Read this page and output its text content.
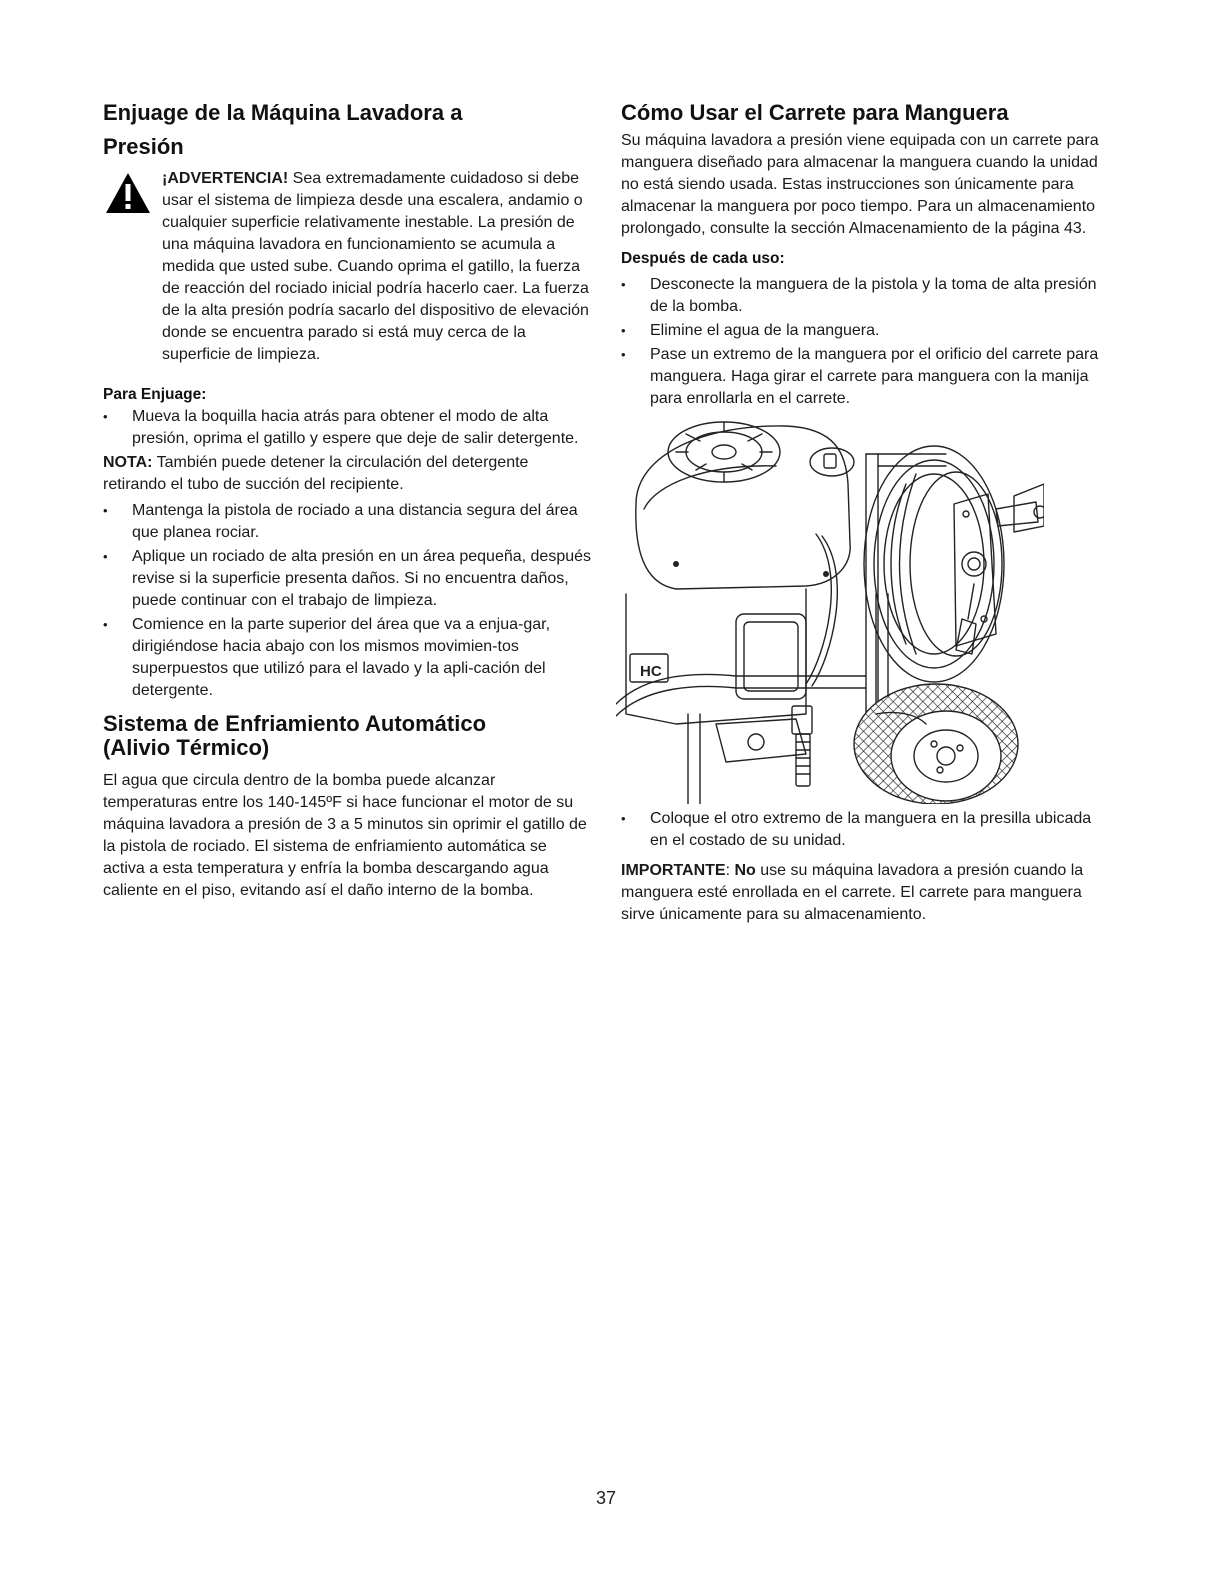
Enjuage de la Máquina Lavadora a
Presión

¡ADVERTENCIA! Sea extremadamente cuidadoso si debe usar el sistema de limpieza desde una escalera, andamio o cualquier superficie relativamente inestable. La presión de una máquina lavadora en funcionamiento se acumula a medida que usted sube. Cuando oprima el gatillo, la fuerza de reacción del rociado inicial podría hacerlo caer. La fuerza de la alta presión podría sacarlo del dispositivo de elevación donde se encuentra parado si está muy cerca de la superficie de limpieza.

Para Enjuage:
• Mueva la boquilla hacia atrás para obtener el modo de alta presión, oprima el gatillo y espere que deje de salir detergente.

NOTA: También puede detener la circulación del detergente retirando el tubo de succión del recipiente.

• Mantenga la pistola de rociado a una distancia segura del área que planea rociar.
• Aplique un rociado de alta presión en un área pequeña, después revise si la superficie presenta daños. Si no encuentra daños, puede continuar con el trabajo de limpieza.
• Comience en la parte superior del área que va a enjua-gar, dirigiéndose hacia abajo con los mismos movimien-tos superpuestos que utilizó para el lavado y la apli-cación del detergente.
Sistema de Enfriamiento Automático
(Alivio Térmico)

El agua que circula dentro de la bomba puede alcanzar temperaturas entre los 140-145ºF si hace funcionar el motor de su máquina lavadora a presión de 3 a 5 minutos sin oprimir el gatillo de la pistola de rociado. El sistema de enfriamiento automática se activa a esta temperatura y enfría la bomba descargando agua caliente en el piso, evitando así el daño interno de la bomba.

Cómo Usar el Carrete para Manguera

Su máquina lavadora a presión viene equipada con un carrete para manguera diseñado para almacenar la manguera cuando la unidad no está siendo usada. Estas instrucciones son únicamente para almacenar la manguera por poco tiempo. Para un almacenamiento prolongado, consulte la sección Almacenamiento de la página 43.

Después de cada uso:
• Desconecte la manguera de la pistola y la toma de alta presión de la bomba.
• Elimine el agua de la manguera.
• Pase un extremo de la manguera por el orificio del carrete para manguera. Haga girar el carrete para manguera con la manija para enrollarla en el carrete.
HC
• Coloque el otro extremo de la manguera en la presilla ubicada en el costado de su unidad.

IMPORTANTE: No use su máquina lavadora a presión cuando la manguera esté enrollada en el carrete. El carrete para manguera sirve únicamente para su almacenamiento.

37
